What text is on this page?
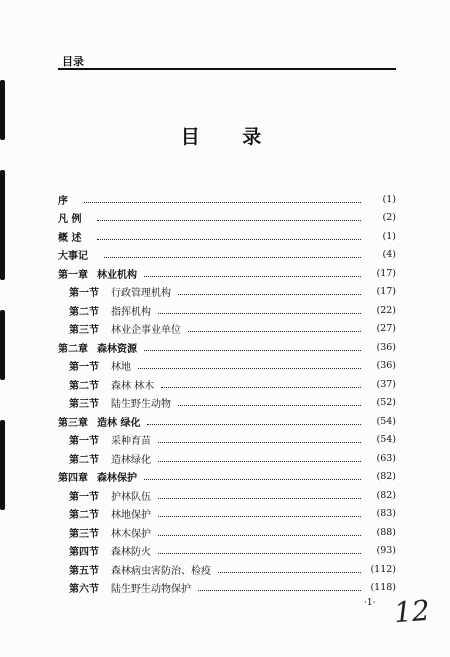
目录
目 录
序	(1)
凡 例	(2)
概 述	(1)
大事记	(4)
第一章 林业机构	(17)
第一节 行政管理机构	(17)
第二节 指挥机构	(22)
第三节 林业企事业单位	(27)
第二章 森林资源	(36)
第一节 林地	(36)
第二节 森林 林木	(37)
第三节 陆生野生动物	(52)
第三章 造林 绿化	(54)
第一节 采种育苗	(54)
第二节 造林绿化	(63)
第四章 森林保护	(82)
第一节 护林队伍	(82)
第二节 林地保护	(83)
第三节 林木保护	(88)
第四节 森林防火	(93)
第五节 森林病虫害防治、检疫	(112)
第六节 陆生野生动物保护	(118)
·1· 12
